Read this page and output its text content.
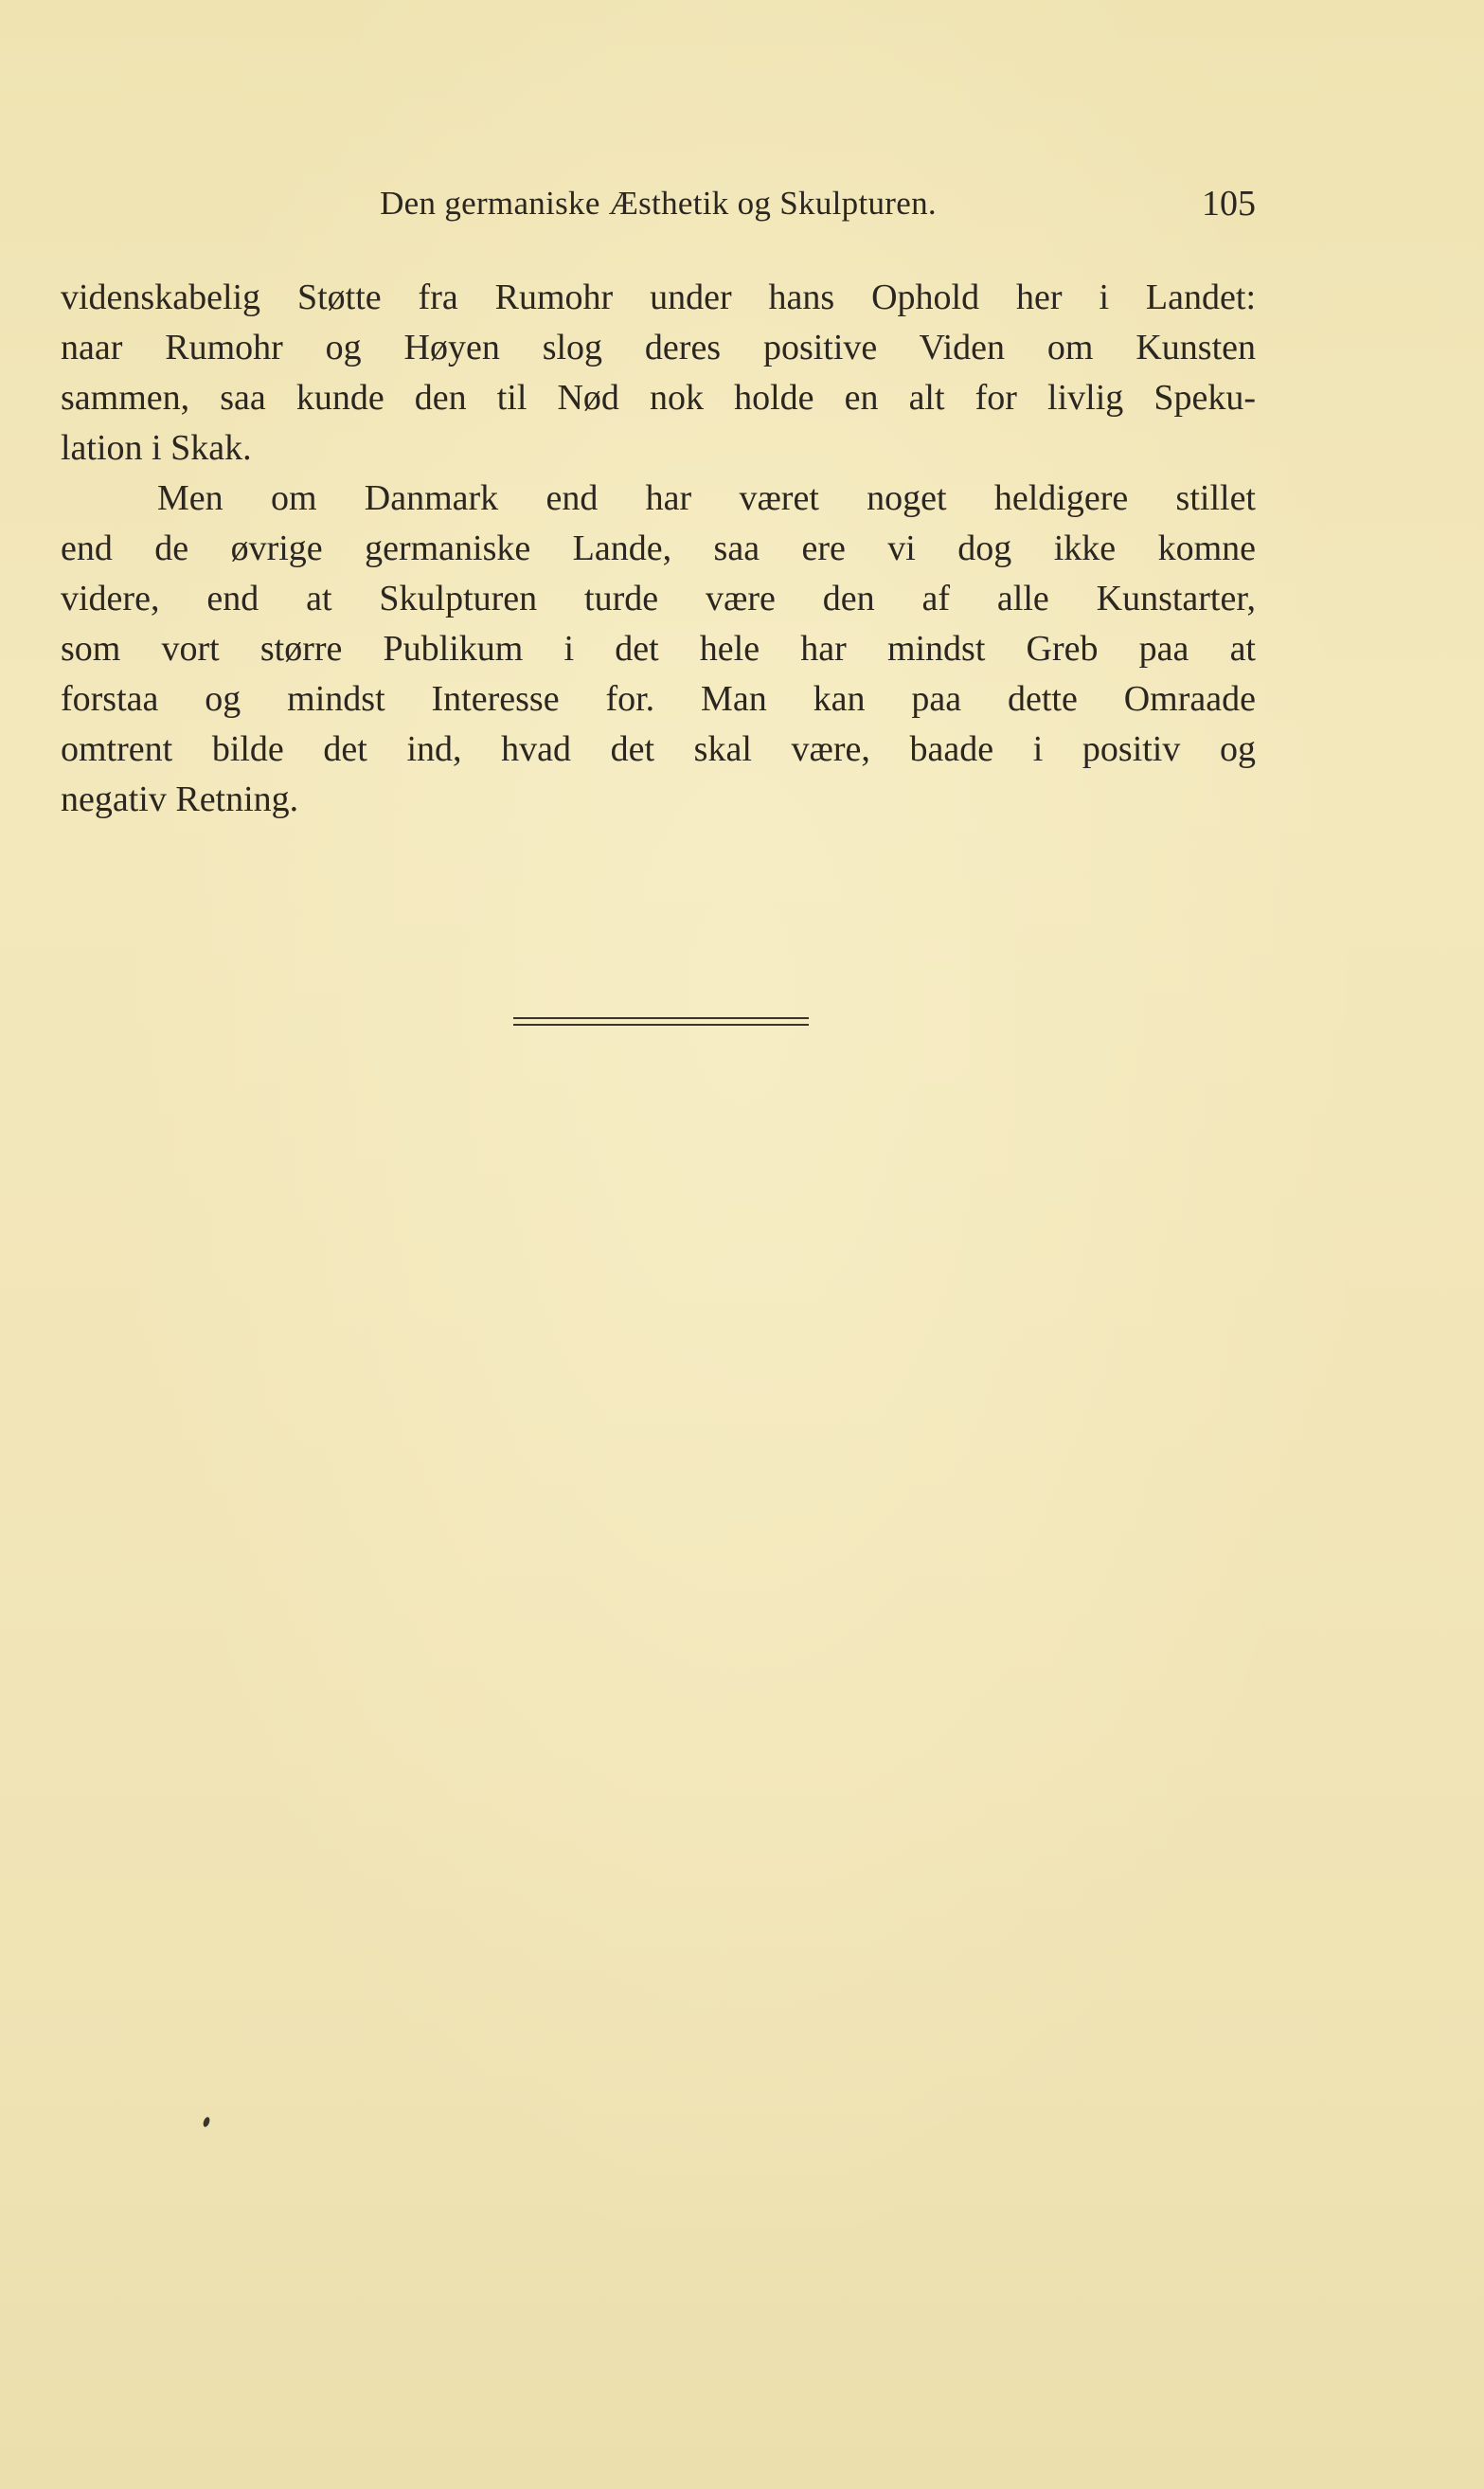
Den germaniske Æsthetik og Skulpturen.	105
videnskabelig Støtte fra Rumohr under hans Ophold her i Landet:
naar Rumohr og Høyen slog deres positive Viden om Kunsten
sammen, saa kunde den til Nød nok holde en alt for livlig Speku-
lation i Skak.
Men om Danmark end har været noget heldigere stillet
end de øvrige germaniske Lande, saa ere vi dog ikke komne
videre, end at Skulpturen turde være den af alle Kunstarter,
som vort større Publikum i det hele har mindst Greb paa at
forstaa og mindst Interesse for. Man kan paa dette Omraade
omtrent bilde det ind, hvad det skal være, baade i positiv og
negativ Retning.
